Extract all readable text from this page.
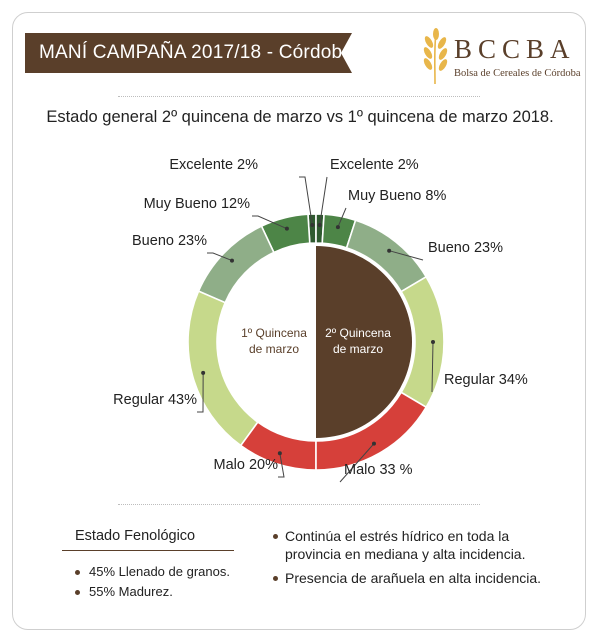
MANÍ CAMPAÑA 2017/18 - Córdoba	BCCBA
Bolsa de Cereales de Córdoba
Estado general 2º quincena de marzo vs 1º quincena de marzo 2018.
Excelente 2%
Muy Bueno 12%
Bueno 23%
Regular 43%
Malo 20%
1º Quincena
de marzo
Excelente 2%
Muy Bueno 8%
Bueno 23%
Regular 34%
Malo 33 %
2º Quincena
de marzo
Estado Fenológico
45% Llenado de granos.
55% Madurez.
Continúa el estrés hídrico en toda la provincia en mediana y alta incidencia.
Presencia de arañuela en alta incidencia.
